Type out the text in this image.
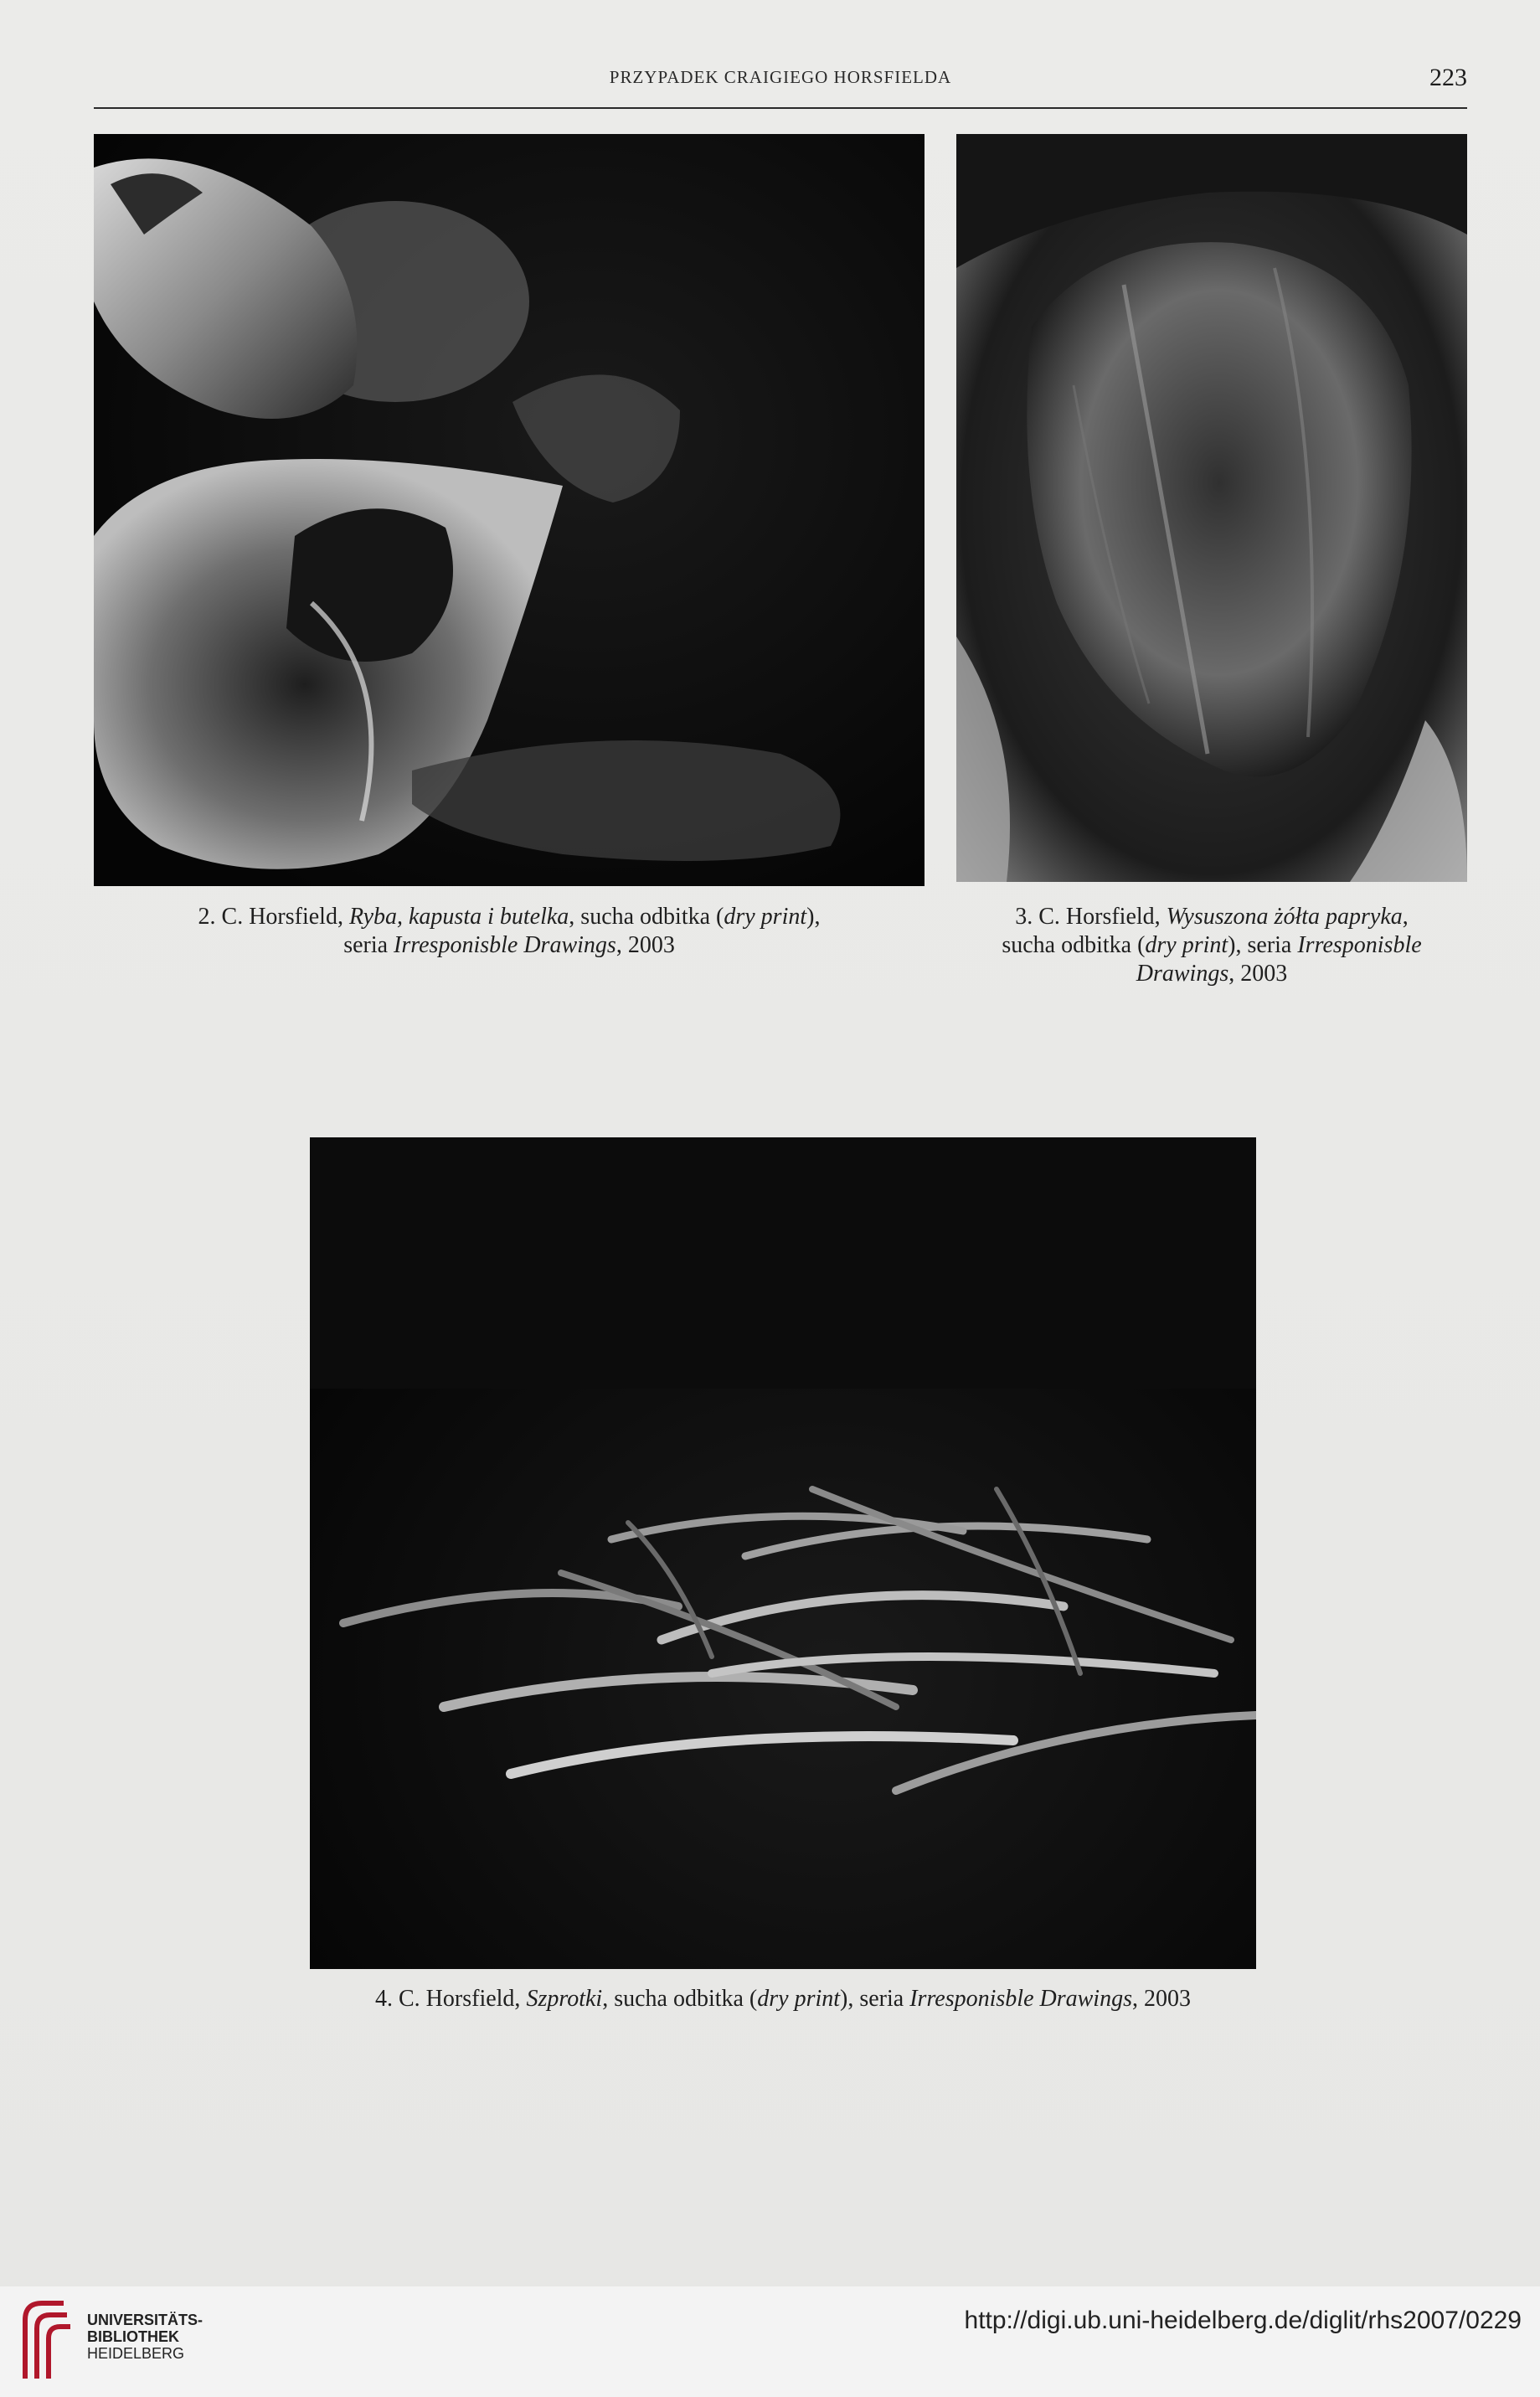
PRZYPADEK CRAIGIEGO HORSFIELDA	223
2. C. Horsfield, Ryba, kapusta i butelka, sucha odbitka (dry print),
seria Irresponisble Drawings, 2003
3. C. Horsfield, Wysuszona żółta papryka,
sucha odbitka (dry print), seria Irresponisble
Drawings, 2003
4. C. Horsfield, Szprotki, sucha odbitka (dry print), seria Irresponisble Drawings, 2003
UNIVERSITÄTS-
BIBLIOTHEK
HEIDELBERG
http://digi.ub.uni-heidelberg.de/diglit/rhs2007/0229
